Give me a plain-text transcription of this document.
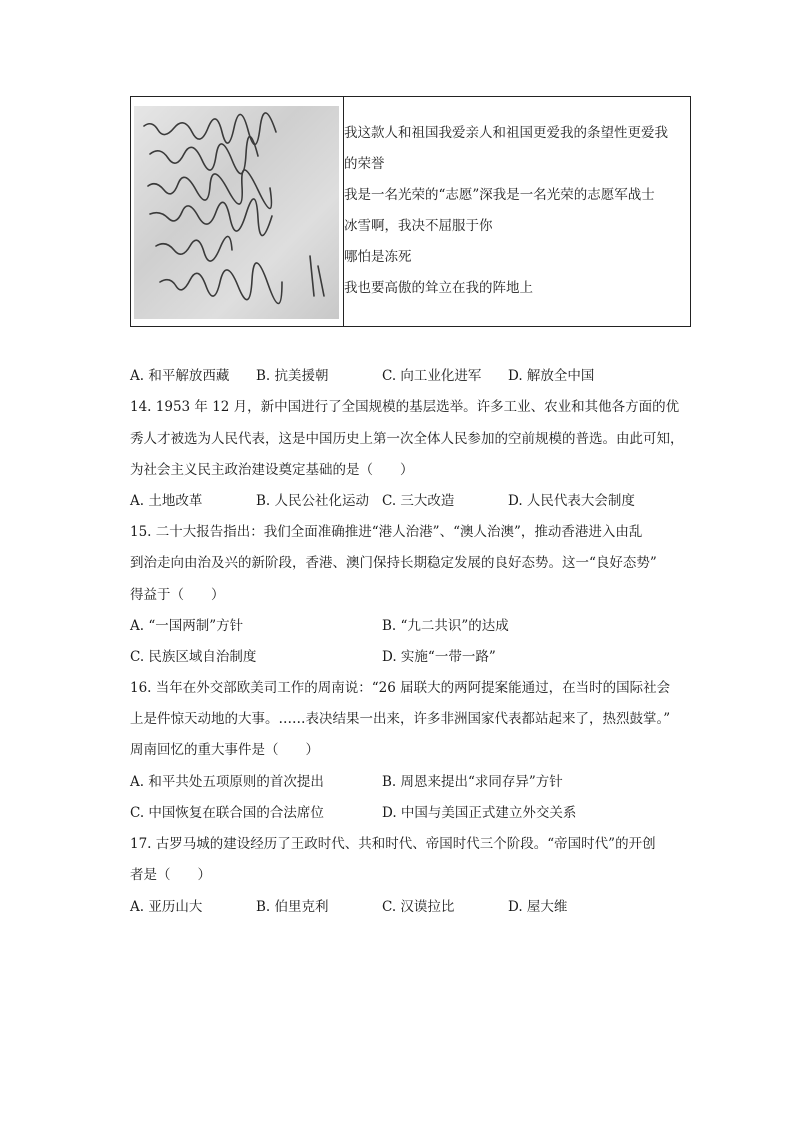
我这款人和祖国我爱亲人和祖国更爱我的条望性更爱我
的荣誉
我是一名光荣的“志愿”深我是一名光荣的志愿军战士
冰雪啊，我决不屈服于你
哪怕是冻死
我也要高傲的耸立在我的阵地上
A. 和平解放西藏 B. 抗美援朝	C. 向工业化进军 D. 解放全中国
14. 1953 年 12 月，新中国进行了全国规模的基层选举。许多工业、农业和其他各方面的优
秀人才被选为人民代表，这是中国历史上第一次全体人民参加的空前规模的普选。由此可知，
为社会主义民主政治建设奠定基础的是（　　）
A. 土地改革	B. 人民公社化运动 C. 三大改造	D. 人民代表大会制度
15. 二十大报告指出：我们全面准确推进“港人治港”、“澳人治澳”，推动香港进入由乱
到治走向由治及兴的新阶段，香港、澳门保持长期稳定发展的良好态势。这一“良好态势”
得益于（　　）
A. “一国两制”方针	B. “九二共识”的达成
C. 民族区域自治制度	D. 实施“一带一路”
16. 当年在外交部欧美司工作的周南说：“26 届联大的两阿提案能通过，在当时的国际社会
上是件惊天动地的大事。……表决结果一出来，许多非洲国家代表都站起来了，热烈鼓掌。”
周南回忆的重大事件是（　　）
A. 和平共处五项原则的首次提出	B. 周恩来提出“求同存异”方针
C. 中国恢复在联合国的合法席位	D. 中国与美国正式建立外交关系
17. 古罗马城的建设经历了王政时代、共和时代、帝国时代三个阶段。“帝国时代”的开创
者是（　　）
A. 亚历山大	B. 伯里克利	C. 汉谟拉比	D. 屋大维
